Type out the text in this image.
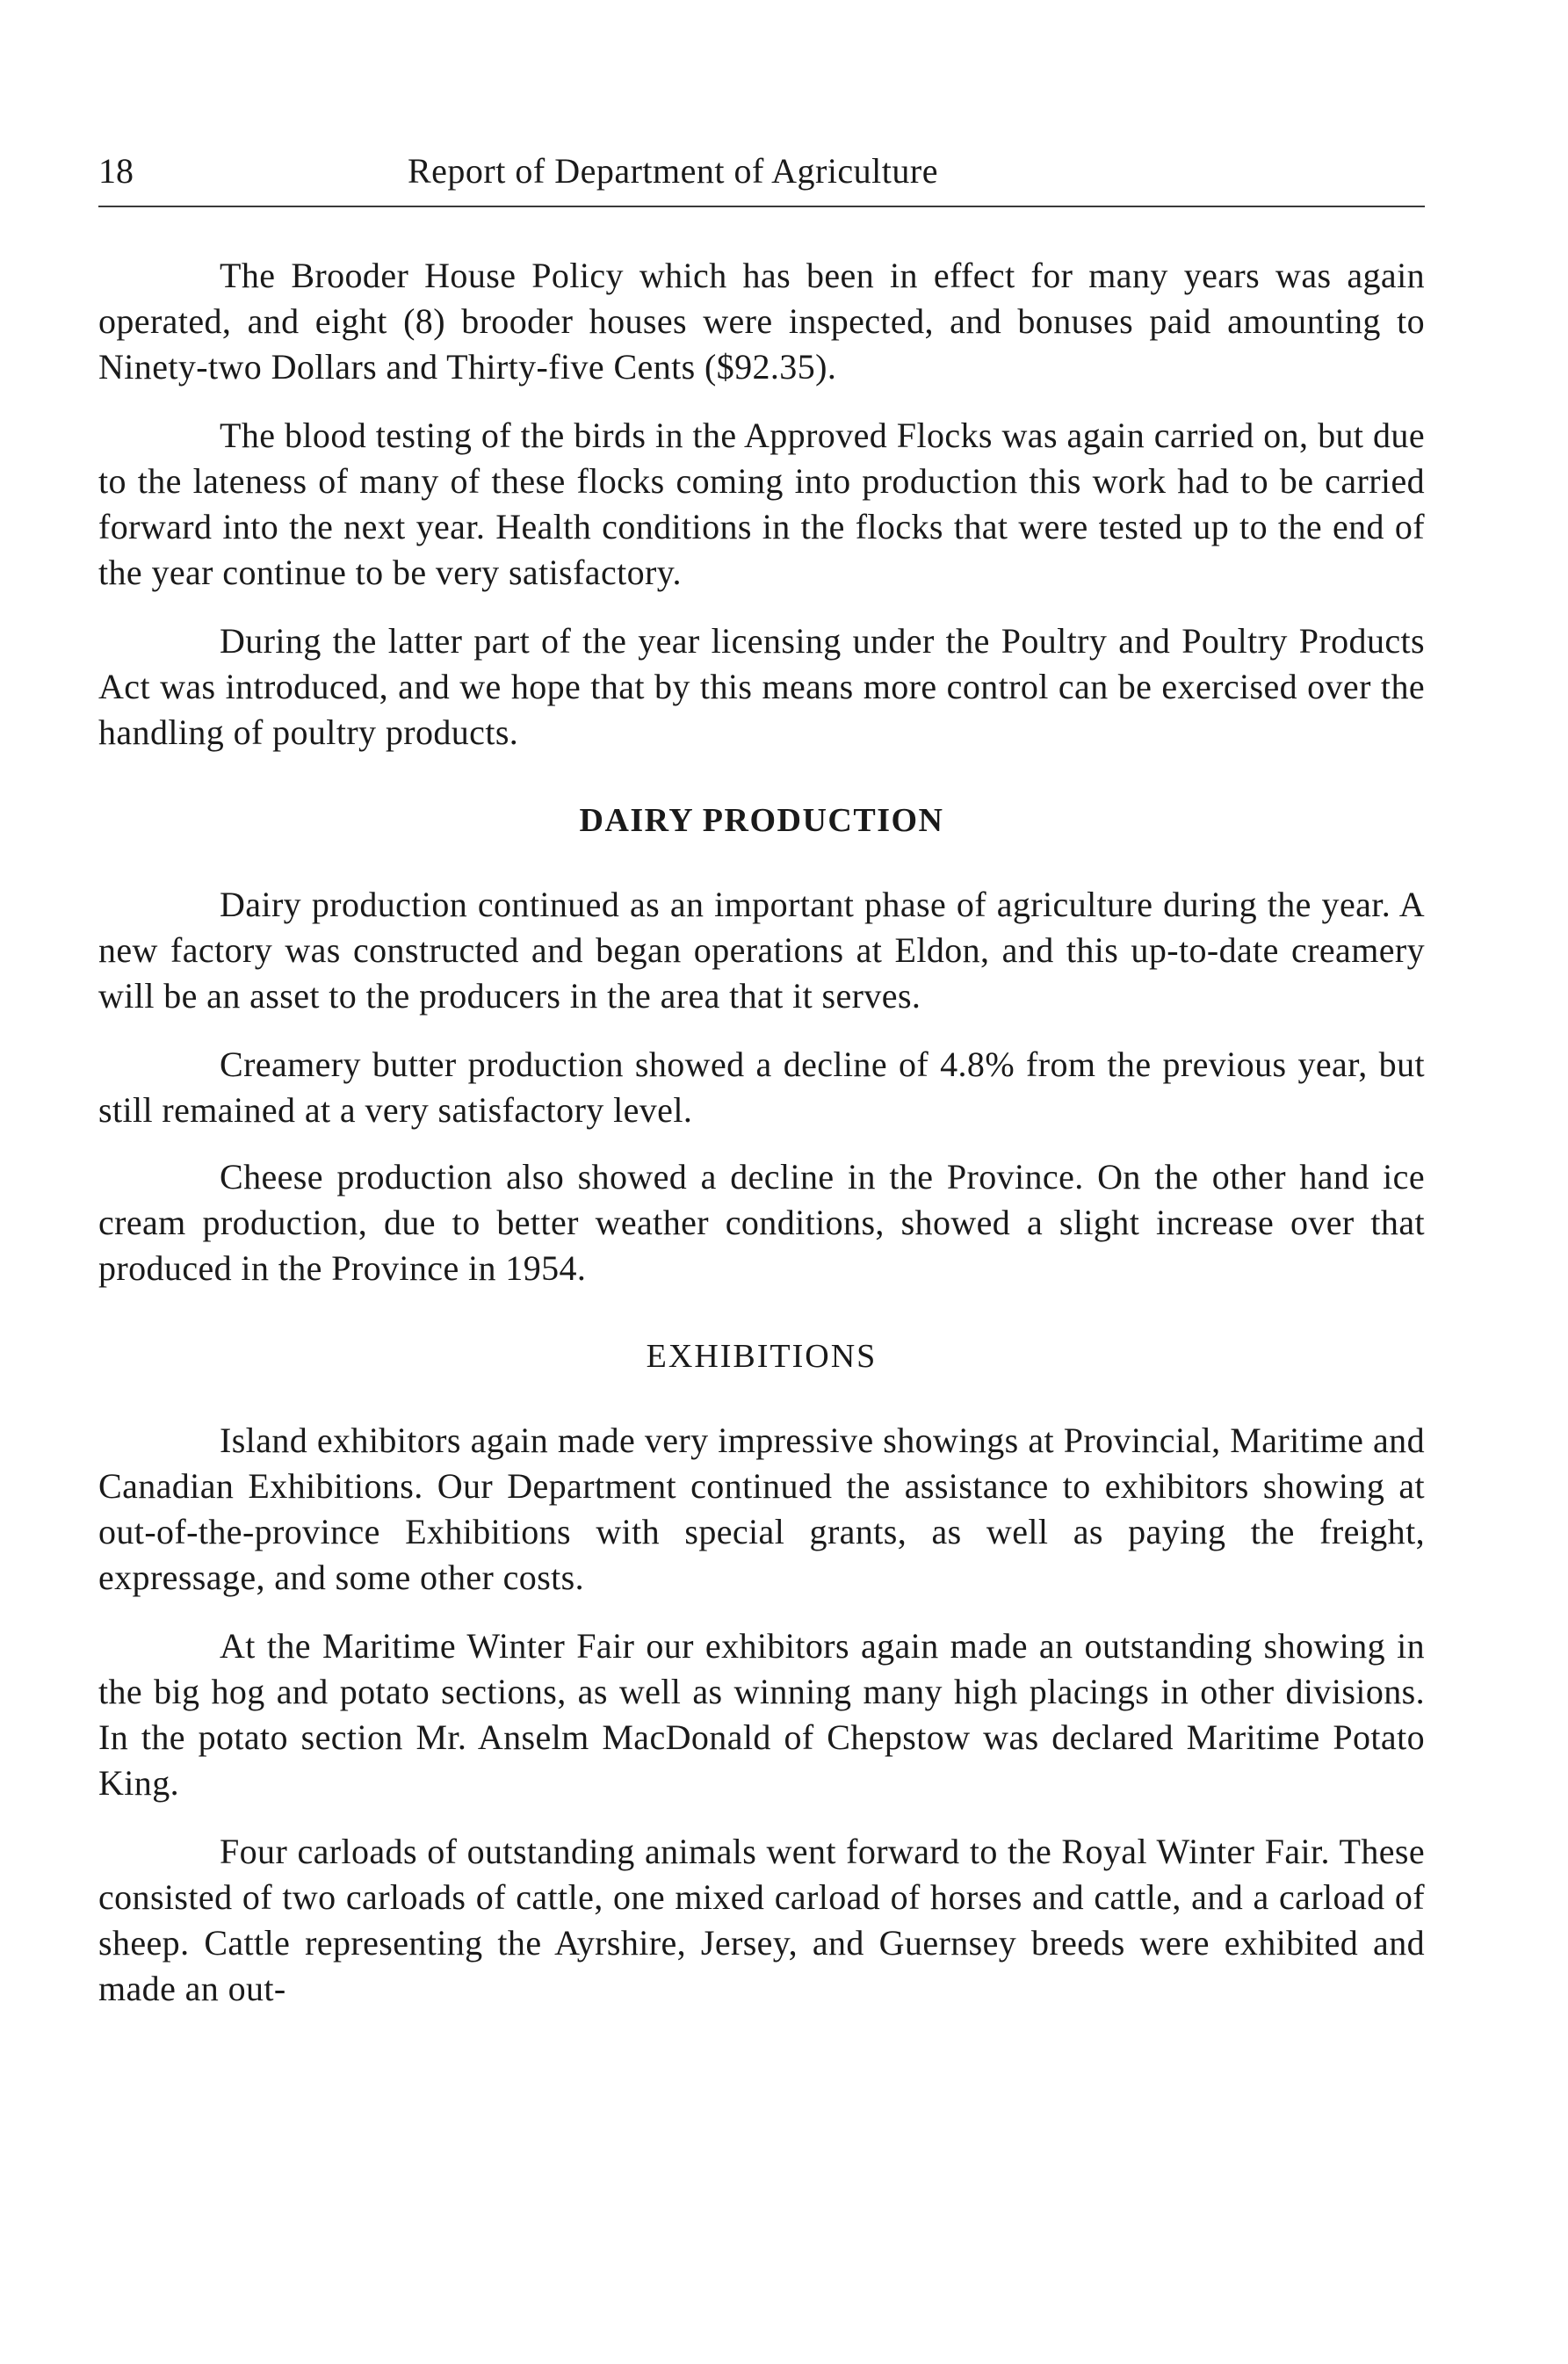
18	Report of Department of Agriculture

The Brooder House Policy which has been in effect for many years was again operated, and eight (8) brooder houses were inspected, and bonuses paid amounting to Ninety-two Dollars and Thirty-five Cents ($92.35).

The blood testing of the birds in the Approved Flocks was again carried on, but due to the lateness of many of these flocks coming into production this work had to be carried forward into the next year. Health conditions in the flocks that were tested up to the end of the year continue to be very satisfactory.

During the latter part of the year licensing under the Poultry and Poultry Products Act was introduced, and we hope that by this means more control can be exercised over the handling of poultry products.

DAIRY PRODUCTION

Dairy production continued as an important phase of agriculture during the year. A new factory was constructed and began operations at Eldon, and this up-to-date creamery will be an asset to the producers in the area that it serves.

Creamery butter production showed a decline of 4.8% from the previous year, but still remained at a very satisfactory level.

Cheese production also showed a decline in the Province. On the other hand ice cream production, due to better weather conditions, showed a slight increase over that produced in the Province in 1954.

EXHIBITIONS

Island exhibitors again made very impressive showings at Provincial, Maritime and Canadian Exhibitions. Our Department continued the assistance to exhibitors showing at out-of-the-province Exhibitions with special grants, as well as paying the freight, expressage, and some other costs.

At the Maritime Winter Fair our exhibitors again made an outstanding showing in the big hog and potato sections, as well as winning many high placings in other divisions. In the potato section Mr. Anselm MacDonald of Chepstow was declared Maritime Potato King.

Four carloads of outstanding animals went forward to the Royal Winter Fair. These consisted of two carloads of cattle, one mixed carload of horses and cattle, and a carload of sheep. Cattle representing the Ayrshire, Jersey, and Guernsey breeds were exhibited and made an out-
